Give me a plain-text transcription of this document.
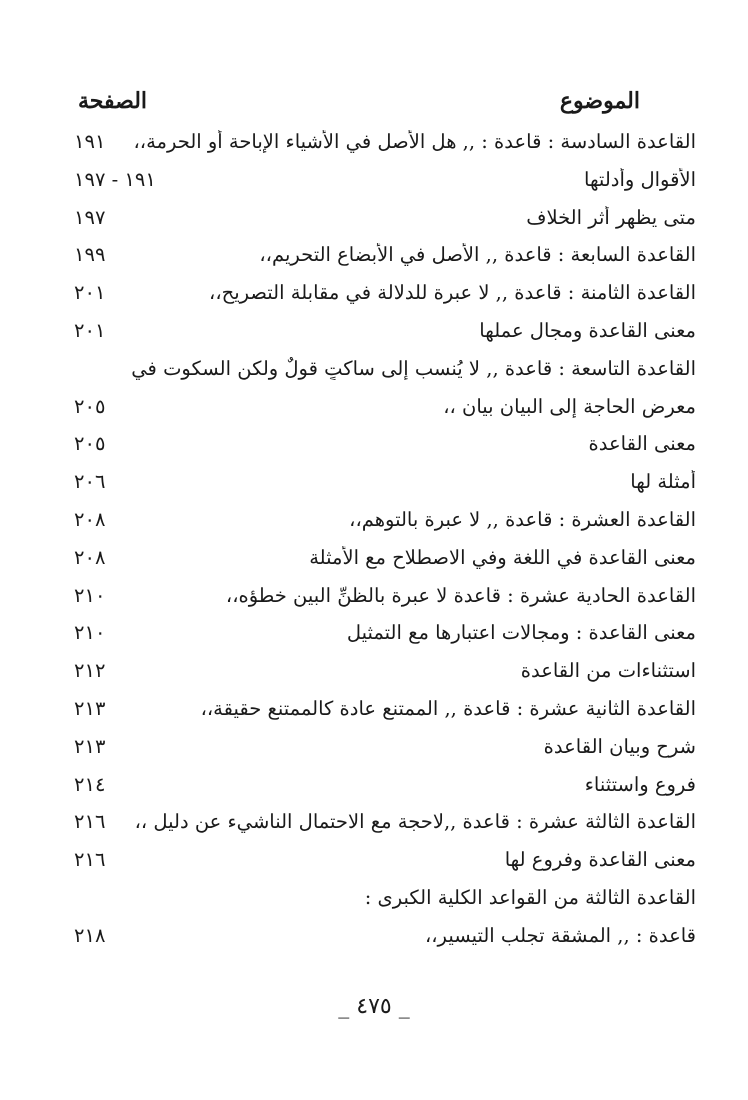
الموضوع
الصفحة
القاعدة السادسة : قاعدة : ,, هل الأصل في الأشياء الإباحة أو الحرمة،،
١٩١
الأقوال وأدلتها
١٩١ - ١٩٧
متى يظهر أثر الخلاف
١٩٧
القاعدة السابعة : قاعدة ,, الأصل في الأبضاع التحريم،،
١٩٩
القاعدة الثامنة : قاعدة ,, لا عبرة للدلالة في مقابلة التصريح،،
٢٠١
معنى القاعدة ومجال عملها
٢٠١
القاعدة التاسعة : قاعدة ,, لا يُنسب إلى ساكتٍ قولٌ ولكن السكوت في
معرض الحاجة إلى البيان بيان ،،
٢٠٥
معنى القاعدة
٢٠٥
أمثلة لها
٢٠٦
القاعدة العشرة : قاعدة ,, لا عبرة بالتوهم،،
٢٠٨
معنى القاعدة في اللغة وفي الاصطلاح مع الأمثلة
٢٠٨
القاعدة الحادية عشرة : قاعدة لا عبرة بالظنِّ البين خطؤه،،
٢١٠
معنى القاعدة : ومجالات اعتبارها مع التمثيل
٢١٠
استثناءات من القاعدة
٢١٢
القاعدة الثانية عشرة : قاعدة ,, الممتنع عادة كالممتنع حقيقة،،
٢١٣
شرح وبيان القاعدة
٢١٣
فروع واستثناء
٢١٤
القاعدة الثالثة عشرة : قاعدة ,,لاحجة مع الاحتمال الناشيء عن دليل ،،
٢١٦
معنى القاعدة وفروع لها
٢١٦
القاعدة الثالثة من القواعد الكلية الكبرى :
قاعدة : ,, المشقة تجلب التيسير،،
٢١٨
_ ٤٧٥ _
